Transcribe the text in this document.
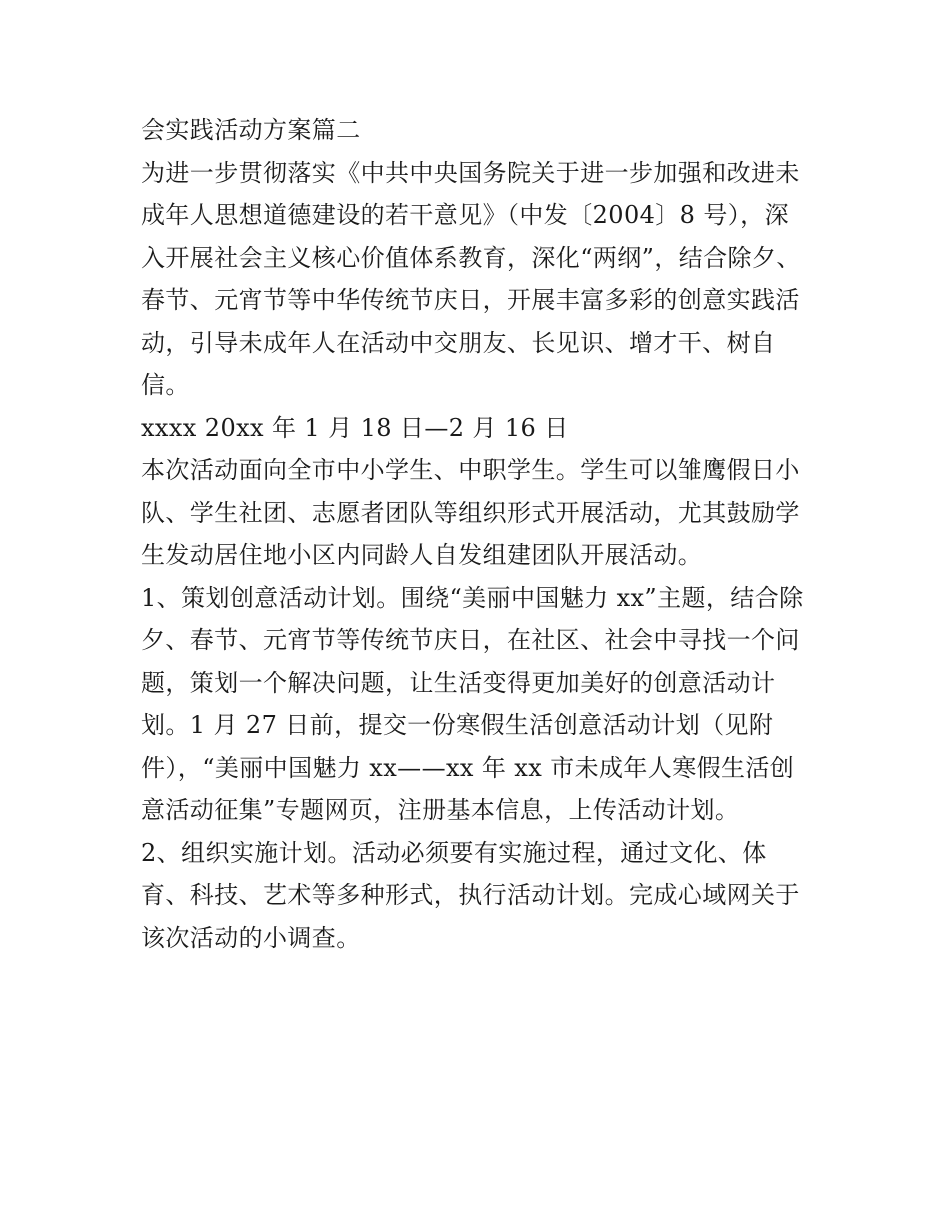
会实践活动方案篇二
为进一步贯彻落实《中共中央国务院关于进一步加强和改进未
成年人思想道德建设的若干意见》（中发〔2004〕8 号），深
入开展社会主义核心价值体系教育，深化“两纲”，结合除夕、
春节、元宵节等中华传统节庆日，开展丰富多彩的创意实践活
动，引导未成年人在活动中交朋友、长见识、增才干、树自
信。
xxxx 20xx 年 1 月 18 日—2 月 16 日
本次活动面向全市中小学生、中职学生。学生可以雏鹰假日小
队、学生社团、志愿者团队等组织形式开展活动，尤其鼓励学
生发动居住地小区内同龄人自发组建团队开展活动。
1、策划创意活动计划。围绕“美丽中国魅力 xx”主题，结合除
夕、春节、元宵节等传统节庆日，在社区、社会中寻找一个问
题，策划一个解决问题，让生活变得更加美好的创意活动计
划。1 月 27 日前，提交一份寒假生活创意活动计划（见附
件），“美丽中国魅力 xx——xx 年 xx 市未成年人寒假生活创
意活动征集”专题网页，注册基本信息，上传活动计划。
2、组织实施计划。活动必须要有实施过程，通过文化、体
育、科技、艺术等多种形式，执行活动计划。完成心域网关于
该次活动的小调查。
